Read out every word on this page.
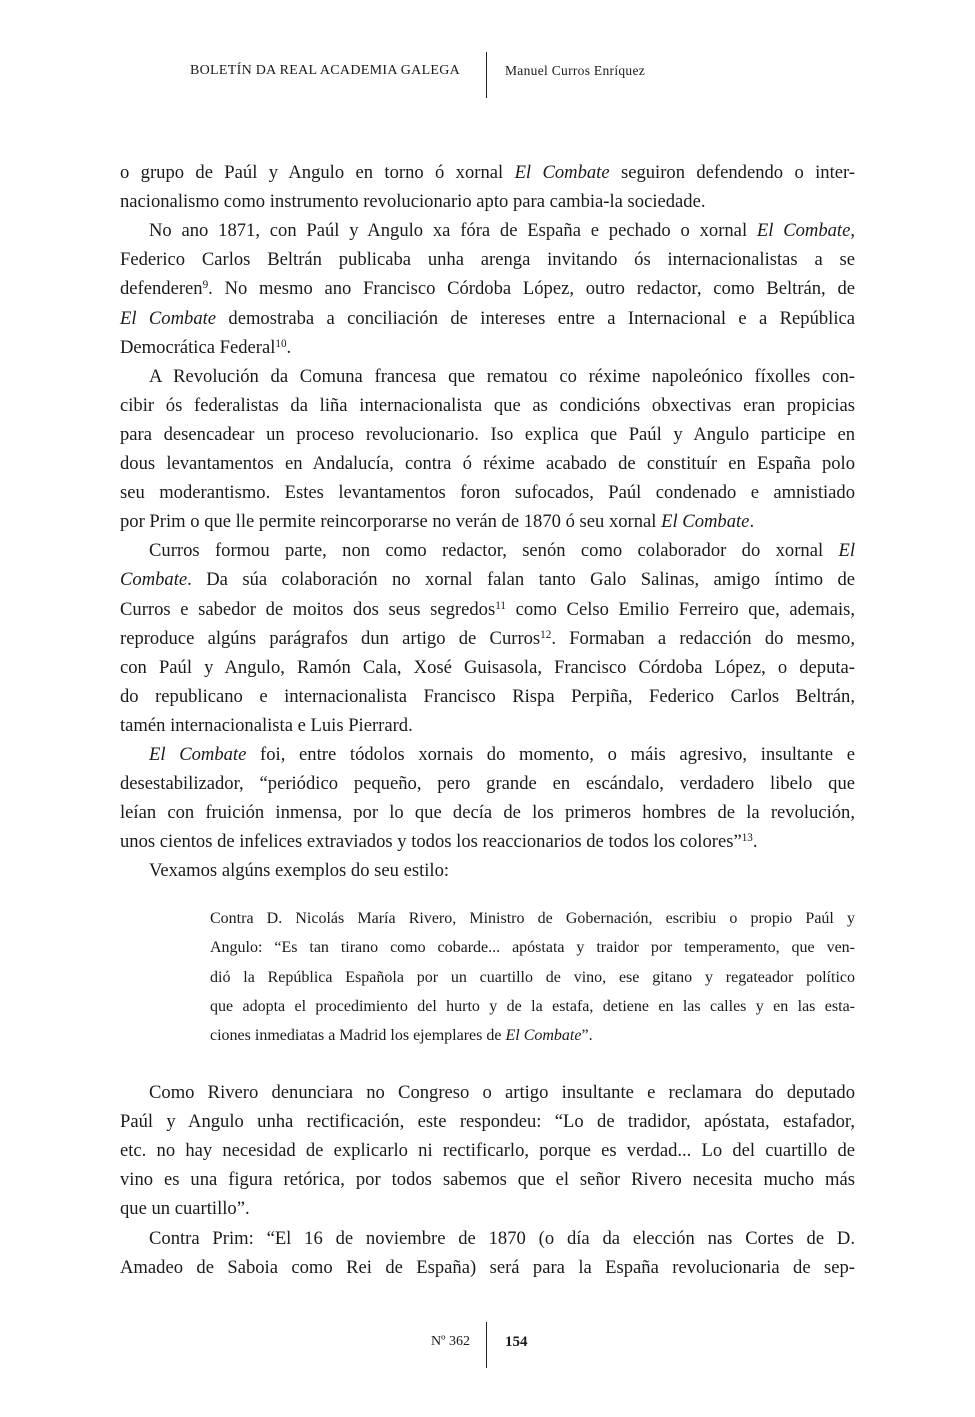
BOLETÍN DA REAL ACADEMIA GALEGA	Manuel Curros Enríquez
o grupo de Paúl y Angulo en torno ó xornal El Combate seguiron defendendo o inter-
nacionalismo como instrumento revolucionario apto para cambia-la sociedade.
No ano 1871, con Paúl y Angulo xa fóra de España e pechado o xornal El Combate,
Federico Carlos Beltrán publicaba unha arenga invitando ós internacionalistas a se
defenderen$^9$. No mesmo ano Francisco Córdoba López, outro redactor, como Beltrán, de
El Combate demostraba a conciliación de intereses entre a Internacional e a República
Democrática Federal$^{10}$.
A Revolución da Comuna francesa que rematou co réxime napoleónico fíxolles con-
cibir ós federalistas da liña internacionalista que as condicións obxectivas eran propicias
para desencadear un proceso revolucionario. Iso explica que Paúl y Angulo participe en
dous levantamentos en Andalucía, contra ó réxime acabado de constituír en España polo
seu moderantismo. Estes levantamentos foron sufocados, Paúl condenado e amnistiado
por Prim o que lle permite reincorporarse no verán de 1870 ó seu xornal El Combate.
Curros formou parte, non como redactor, senón como colaborador do xornal El
Combate. Da súa colaboración no xornal falan tanto Galo Salinas, amigo íntimo de
Curros e sabedor de moitos dos seus segredos$^{11}$ como Celso Emilio Ferreiro que, ademais,
reproduce algúns parágrafos dun artigo de Curros$^{12}$. Formaban a redacción do mesmo,
con Paúl y Angulo, Ramón Cala, Xosé Guisasola, Francisco Córdoba López, o deputa-
do republicano e internacionalista Francisco Rispa Perpiña, Federico Carlos Beltrán,
tamén internacionalista e Luis Pierrard.
El Combate foi, entre tódolos xornais do momento, o máis agresivo, insultante e
desestabilizador, “periódico pequeño, pero grande en escándalo, verdadero libelo que
leían con fruición inmensa, por lo que decía de los primeros hombres de la revolución,
unos cientos de infelices extraviados y todos los reaccionarios de todos los colores”$^{13}$.
Vexamos algúns exemplos do seu estilo:
Contra D. Nicolás María Rivero, Ministro de Gobernación, escribiu o propio Paúl y
Angulo: “Es tan tirano como cobarde... apóstata y traidor por temperamento, que ven-
dió la República Española por un cuartillo de vino, ese gitano y regateador político
que adopta el procedimiento del hurto y de la estafa, detiene en las calles y en las esta-
ciones inmediatas a Madrid los ejemplares de El Combate”.
Como Rivero denunciara no Congreso o artigo insultante e reclamara do deputado
Paúl y Angulo unha rectificación, este respondeu: “Lo de tradidor, apóstata, estafador,
etc. no hay necesidad de explicarlo ni rectificarlo, porque es verdad... Lo del cuartillo de
vino es una figura retórica, por todos sabemos que el señor Rivero necesita mucho más
que un cuartillo”.
Contra Prim: “El 16 de noviembre de 1870 (o día da elección nas Cortes de D.
Amadeo de Saboia como Rei de España) será para la España revolucionaria de sep-
Nº 362 154
